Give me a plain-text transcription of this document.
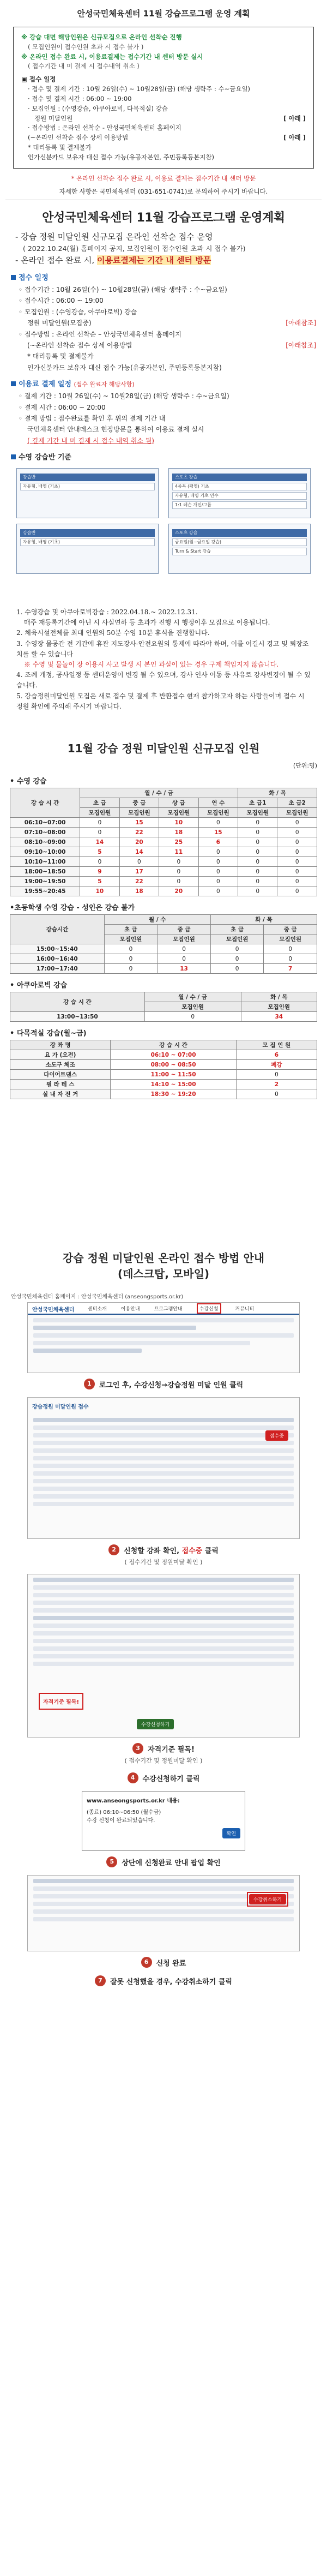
안성국민체육센터 11월 강습프로그램 운영 계획
※ 강습 대면 해당인원은 신규모집으로 온라인 선착순 진행
( 모집인원이 접수인원 초과 시 접수 불가 )
※ 온라인 접수 완료 시, 이용료결제는 접수기간 내 센터 방문 실시
( 접수기간 내 미 결제 시 접수내역 취소 )
▣ 접수 일정
· 접수 및 결제 기간 : 10월 26일(수) ~ 10월28일(금) (해당 생략주 : 수~금요일)
· 접수 및 결제 시간 : 06:00 ~ 19:00
· 모집인원 : (수영강습, 아쿠아로빅, 다목적실) 강습
정원 미달인원	[ 아래 ]
· 접수방법 : 온라인 선착순 - 안성국민체육센터 홈페이지
(~온라인 선착순 접수 상세 이용방법	[ 아래 ]
* 대리등록 및 결제불가
인가신분카드 보유자 대신 접수 가능(유공자본인, 주민등록등본지참)
* 온라인 선착순 접수 완료 시, 이용료 결제는 접수기간 내 센터 방문
자세한 사항은 국민체육센터 (031-651-0741)로 문의하여 주시기 바랍니다.
안성국민체육센터 11월 강습프로그램 운영계획
- 강습 정원 미달인원 신규모집 온라인 선착순 접수 운영
( 2022.10.24(월) 홈페이지 공지, 모집인원이 접수인원 초과 시 접수 불가)
- 온라인 접수 완료 시, 이용료결제는 기간 내 센터 방문
접수 일정
◦ 접수기간 : 10월 26일(수) ~ 10월28일(금) (해당 생략주 : 수~금요일)
◦ 접수시간 : 06:00 ~ 19:00
◦ 모집인원 : (수영강습, 아쿠아로빅) 강습
정원 미달인원(모집중)	[아래참조]
◦ 접수방법 : 온라인 선착순 – 안성국민체육센터 홈페이지
(~온라인 선착순 접수 상세 이용방법	[아래참조]
* 대리등록 및 결제불가
인가신분카드 보유자 대신 접수 가능(유공자본인, 주민등록등본지참)
이용료 결제 일정 (접수 완료자 해당사항)
◦ 결제 기간 : 10월 26일(수) ~ 10월28일(금) (해당 생략주 : 수~금요일)
◦ 결제 시간 : 06:00 ~ 20:00
◦ 결제 방법 : 접수완료를 확인 후 위의 결제 기간 내
국민체육센터 안내데스크 현장방문을 통하여 이용료 결제 실시
( 결제 기간 내 미 결제 시 접수 내역 취소 됨)
수영 강습반 기준
강습반
자유형, 배영 (기초)
스포츠 강습
4종목 (평영) 기초
자유형, 배영 기초 연수
1:1 레슨 개인/그룹
강습반
자유형, 배영 (기초)
스포츠 강습
금요일(월~금요일 강습)
Turn & Start 강습
1. 수영강습 및 아쿠아로빅강습 : 2022.04.18.~ 2022.12.31.
매주 재등록기간에 아닌 시 사실연하 등 초과가 진행 시 행정이후 모집으로 이용됩니다.
2. 체육시설전체를 최대 인원의 50분 수영 10분 휴식을 진행합니다.
3. 수영장 물공간 전 기간에 휴관 지도강사-안전요원의 통제에 따라야 하며, 이를 어길시 경고 및 퇴장조치를 할 수 있습니다
※ 수영 및 물놀이 장 이용시 사고 발생 시 본인 과실이 있는 경우 구제 책임지지 않습니다.
4. 조례 개정, 공사일정 등 센터운영이 변경 될 수 있으며, 강사 인사 이동 등 사유로 강사변경이 될 수 있습니다.
5. 강습정원미달인원 모집은 새로 접수 및 결제 후 반환접수 현재 참가하고자 하는 사람들이며 접수 시 정원 확인에 주의해 주시기 바랍니다.
11월 강습 정원 미달인원 신규모집 인원
(단위:명)
• 수영 강습
강 습 시 간	월 / 수 / 금				화 / 목	
	초 급	중 급	상 급	연 수	초 급1	초 급2
	모집인원	모집인원	모집인원	모집인원	모집인원	모집인원
06:10~07:00	0	15	10	0	0	0
07:10~08:00	0	22	18	15	0	0
08:10~09:00	14	20	25	6	0	0
09:10~10:00	5	14	11	0	0	0
10:10~11:00	0	0	0	0	0	0
18:00~18:50	9	17	0	0	0	0
19:00~19:50	5	22	0	0	0	0
19:55~20:45	10	18	20	0	0	0
•초등학생 수영 강습 - 성인은 강습 불가
강습시간	월 / 수		화 / 목	
	초 급	중 급	초 급	중 급
	모집인원	모집인원	모집인원	모집인원
15:00~15:40	0	0	0	0
16:00~16:40	0	0	0	0
17:00~17:40	0	13	0	7
• 아쿠아로빅 강습
강 습 시 간	월 / 수 / 금	화 / 목
	모집인원	모집인원
13:00~13:50	0	34
• 다목적실 강습(월~금)
강 좌 명	강 습 시 간	모 집 인 원
요 가 (오전)	06:10 ~ 07:00	6
소도구 체조	08:00 ~ 08:50	폐강
다이어트댄스	11:00 ~ 11:50	0
필 라 테 스	14:10 ~ 15:00	2
실 내 자 전 거	18:30 ~ 19:20	0
강습 정원 미달인원 온라인 접수 방법 안내
(데스크탑, 모바일)
안성국민체육센터 홈페이지 : 안성국민체육센터 (anseongsports.or.kr)
안성국민체육센터	센터소개	이용안내	프로그램안내	수강신청	커뮤니티
1	로그인 후, 수강신청→강습정원 미달 인원 클릭
강습정원 미달인원 접수
접수중
2	신청할 강좌 확인, 접수중 클릭
( 접수기간 및 정원미달 확인 )
자격기준 필독!
수강신청하기
3	자격기준 필독!
( 접수기간 및 정원미달 확인 )
4	수강신청하기 클릭
www.anseongsports.or.kr 내용:
(종료) 06:10~06:50 (월수금)
수강 신청이 완료되었습니다.
확인
5	상단에 신청완료 안내 팝업 확인
수강취소하기
6	신청 완료
7	잘못 신청했을 경우, 수강취소하기 클릭
